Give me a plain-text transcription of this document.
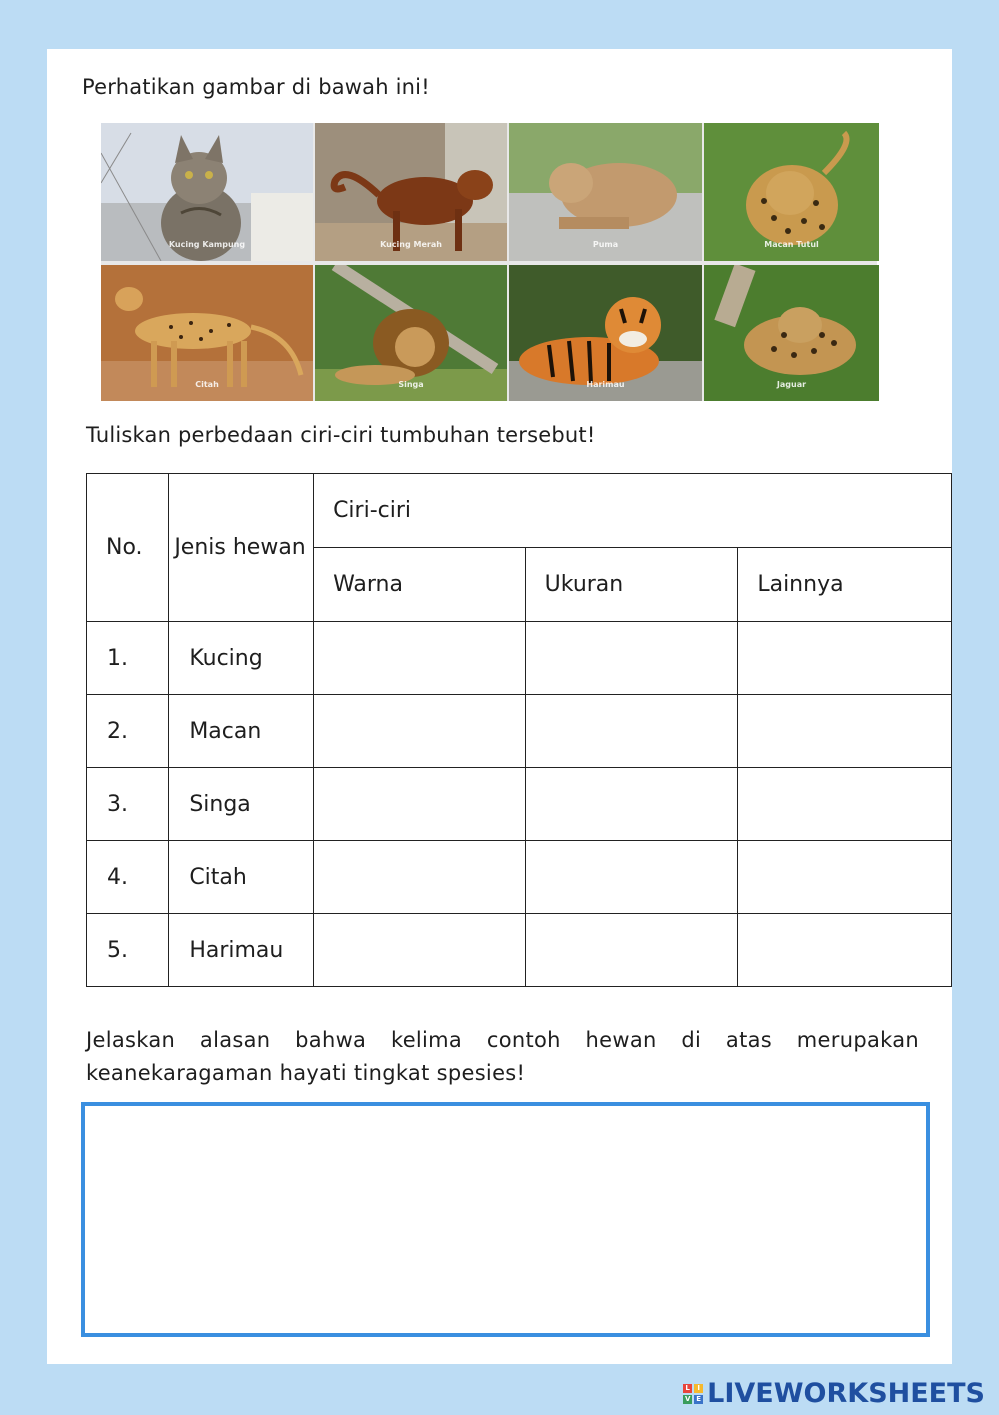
Perhatikan gambar di bawah ini!
Kucing Kampung	Kucing Merah	Puma	Macan Tutul
Citah	Singa	Harimau	Jaguar
Tuliskan perbedaan ciri-ciri tumbuhan tersebut!
No.	Jenis hewan	Ciri-ciri		
		Warna	Ukuran	Lainnya
1.	Kucing			
2.	Macan			
3.	Singa			
4.	Citah			
5.	Harimau			
Jelaskan alasan bahwa kelima contoh hewan di atas merupakan keanekaragaman hayati tingkat spesies!
L	I
V E LIVEWORKSHEETS
